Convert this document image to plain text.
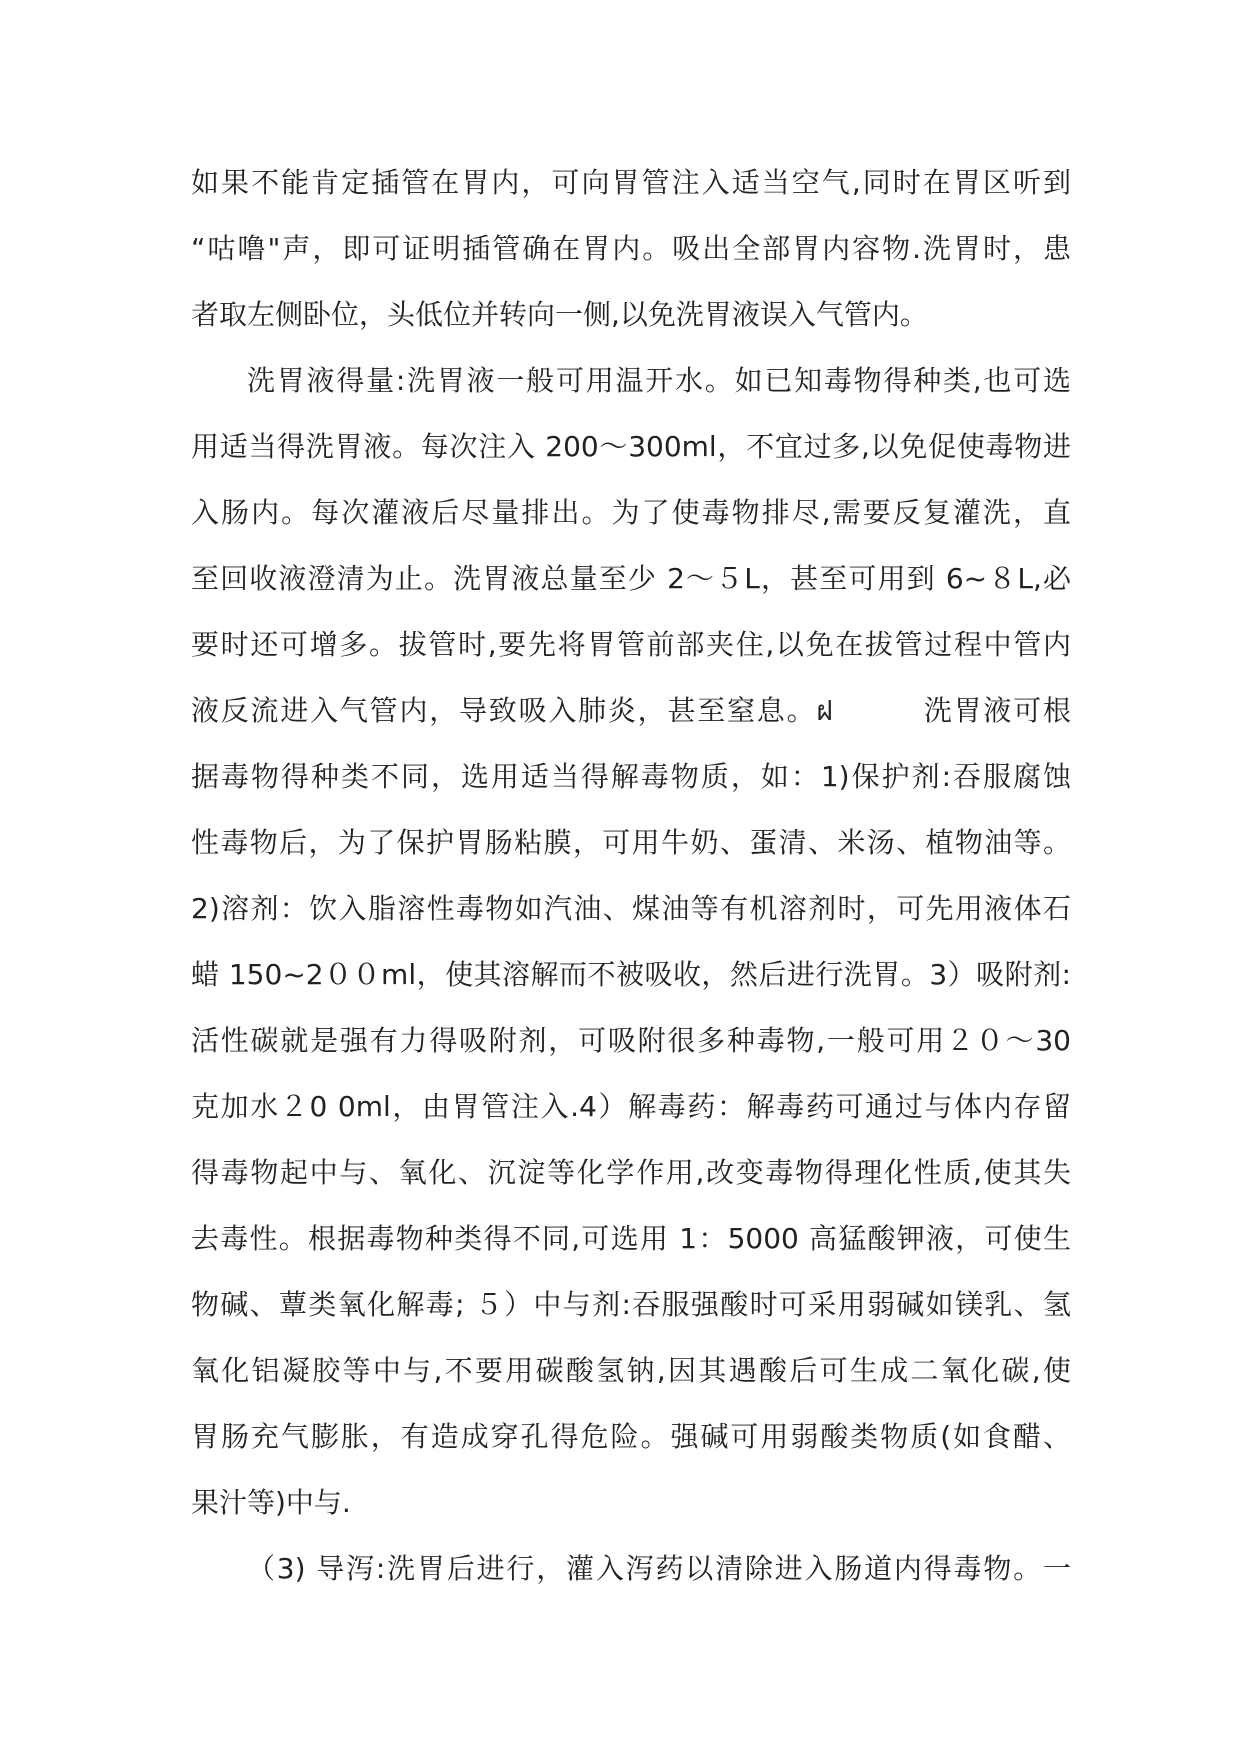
如果不能肯定插管在胃内，可向胃管注入适当空气,同时在胃区听到
“咕噜"声，即可证明插管确在胃内。吸出全部胃内容物.洗胃时，患
者取左侧卧位，头低位并转向一侧,以免洗胃液误入气管内。
洗胃液得量:洗胃液一般可用温开水。如已知毒物得种类,也可选
用适当得洗胃液。每次注入 200～300ml，不宜过多,以免促使毒物进
入肠内。每次灌液后尽量排出。为了使毒物排尽,需要反复灌洗，直
至回收液澄清为止。洗胃液总量至少 2～５L，甚至可用到 6~８L,必
要时还可增多。拔管时,要先将胃管前部夹住,以免在拔管过程中管内
液反流进入气管内，导致吸入肺炎，甚至窒息。ฝ　　　洗胃液可根
据毒物得种类不同，选用适当得解毒物质，如：1)保护剂:吞服腐蚀
性毒物后，为了保护胃肠粘膜，可用牛奶、蛋清、米汤、植物油等。
2)溶剂：饮入脂溶性毒物如汽油、煤油等有机溶剂时，可先用液体石
蜡 150~2００ml，使其溶解而不被吸收，然后进行洗胃。3）吸附剂:
活性碳就是强有力得吸附剂，可吸附很多种毒物,一般可用２０～30
克加水２0 0ml，由胃管注入.4）解毒药：解毒药可通过与体内存留
得毒物起中与、氧化、沉淀等化学作用,改变毒物得理化性质,使其失
去毒性。根据毒物种类得不同,可选用 1：5000 高猛酸钾液，可使生
物碱、蕈类氧化解毒; ５）中与剂:吞服强酸时可采用弱碱如镁乳、氢
氧化铝凝胶等中与,不要用碳酸氢钠,因其遇酸后可生成二氧化碳,使
胃肠充气膨胀，有造成穿孔得危险。强碱可用弱酸类物质(如食醋、
果汁等)中与.
（3) 导泻:洗胃后进行，灌入泻药以清除进入肠道内得毒物。一
